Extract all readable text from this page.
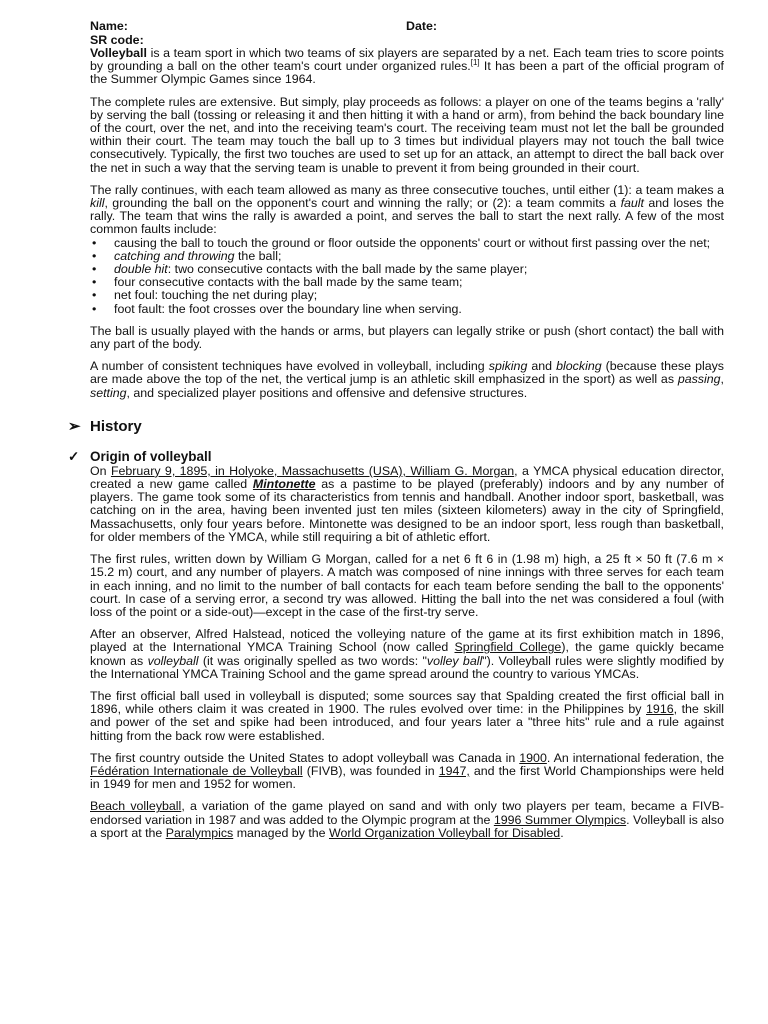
Name:	Date:
SR code:

Volleyball is a team sport in which two teams of six players are separated by a net. Each team tries to score points by grounding a ball on the other team's court under organized rules.[1] It has been a part of the official program of the Summer Olympic Games since 1964.

The complete rules are extensive. But simply, play proceeds as follows: a player on one of the teams begins a 'rally' by serving the ball (tossing or releasing it and then hitting it with a hand or arm), from behind the back boundary line of the court, over the net, and into the receiving team's court. The receiving team must not let the ball be grounded within their court. The team may touch the ball up to 3 times but individual players may not touch the ball twice consecutively. Typically, the first two touches are used to set up for an attack, an attempt to direct the ball back over the net in such a way that the serving team is unable to prevent it from being grounded in their court.

The rally continues, with each team allowed as many as three consecutive touches, until either (1): a team makes a kill, grounding the ball on the opponent's court and winning the rally; or (2): a team commits a fault and loses the rally. The team that wins the rally is awarded a point, and serves the ball to start the next rally. A few of the most common faults include:

• causing the ball to touch the ground or floor outside the opponents' court or without first passing over the net;
• catching and throwing the ball;
• double hit: two consecutive contacts with the ball made by the same player;
• four consecutive contacts with the ball made by the same team;
• net foul: touching the net during play;
• foot fault: the foot crosses over the boundary line when serving.

The ball is usually played with the hands or arms, but players can legally strike or push (short contact) the ball with any part of the body.

A number of consistent techniques have evolved in volleyball, including spiking and blocking (because these plays are made above the top of the net, the vertical jump is an athletic skill emphasized in the sport) as well as passing, setting, and specialized player positions and offensive and defensive structures.

➢ History
✓ Origin of volleyball

On February 9, 1895, in Holyoke, Massachusetts (USA), William G. Morgan, a YMCA physical education director, created a new game called Mintonette as a pastime to be played (preferably) indoors and by any number of players. The game took some of its characteristics from tennis and handball. Another indoor sport, basketball, was catching on in the area, having been invented just ten miles (sixteen kilometers) away in the city of Springfield, Massachusetts, only four years before. Mintonette was designed to be an indoor sport, less rough than basketball, for older members of the YMCA, while still requiring a bit of athletic effort.

The first rules, written down by William G Morgan, called for a net 6 ft 6 in (1.98 m) high, a 25 ft × 50 ft (7.6 m × 15.2 m) court, and any number of players. A match was composed of nine innings with three serves for each team in each inning, and no limit to the number of ball contacts for each team before sending the ball to the opponents' court. In case of a serving error, a second try was allowed. Hitting the ball into the net was considered a foul (with loss of the point or a side-out)—except in the case of the first-try serve.

After an observer, Alfred Halstead, noticed the volleying nature of the game at its first exhibition match in 1896, played at the International YMCA Training School (now called Springfield College), the game quickly became known as volleyball (it was originally spelled as two words: "volley ball"). Volleyball rules were slightly modified by the International YMCA Training School and the game spread around the country to various YMCAs.

The first official ball used in volleyball is disputed; some sources say that Spalding created the first official ball in 1896, while others claim it was created in 1900. The rules evolved over time: in the Philippines by 1916, the skill and power of the set and spike had been introduced, and four years later a "three hits" rule and a rule against hitting from the back row were established.

The first country outside the United States to adopt volleyball was Canada in 1900. An international federation, the Fédération Internationale de Volleyball (FIVB), was founded in 1947, and the first World Championships were held in 1949 for men and 1952 for women.

Beach volleyball, a variation of the game played on sand and with only two players per team, became a FIVB-endorsed variation in 1987 and was added to the Olympic program at the 1996 Summer Olympics. Volleyball is also a sport at the Paralympics managed by the World Organization Volleyball for Disabled.
